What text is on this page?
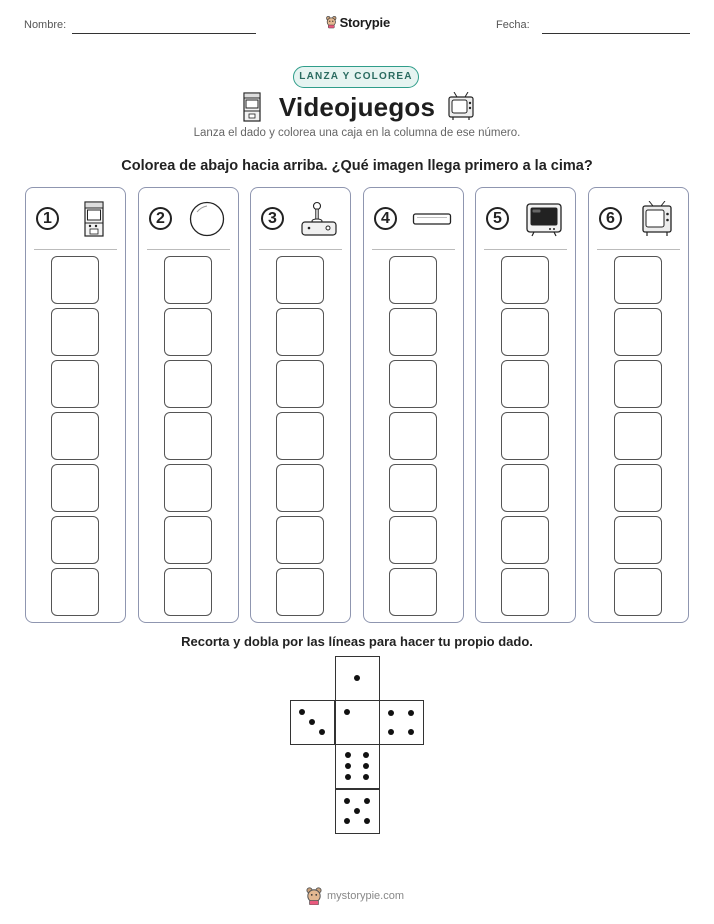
Nombre:	Storypie	Fecha:
LANZA Y COLOREA
Videojuegos
Lanza el dado y colorea una caja en la columna de ese número.
Colorea de abajo hacia arriba. ¿Qué imagen llega primero a la cima?
1	2	3	4	5	6
Recorta y dobla por las líneas para hacer tu propio dado.
mystorypie.com
